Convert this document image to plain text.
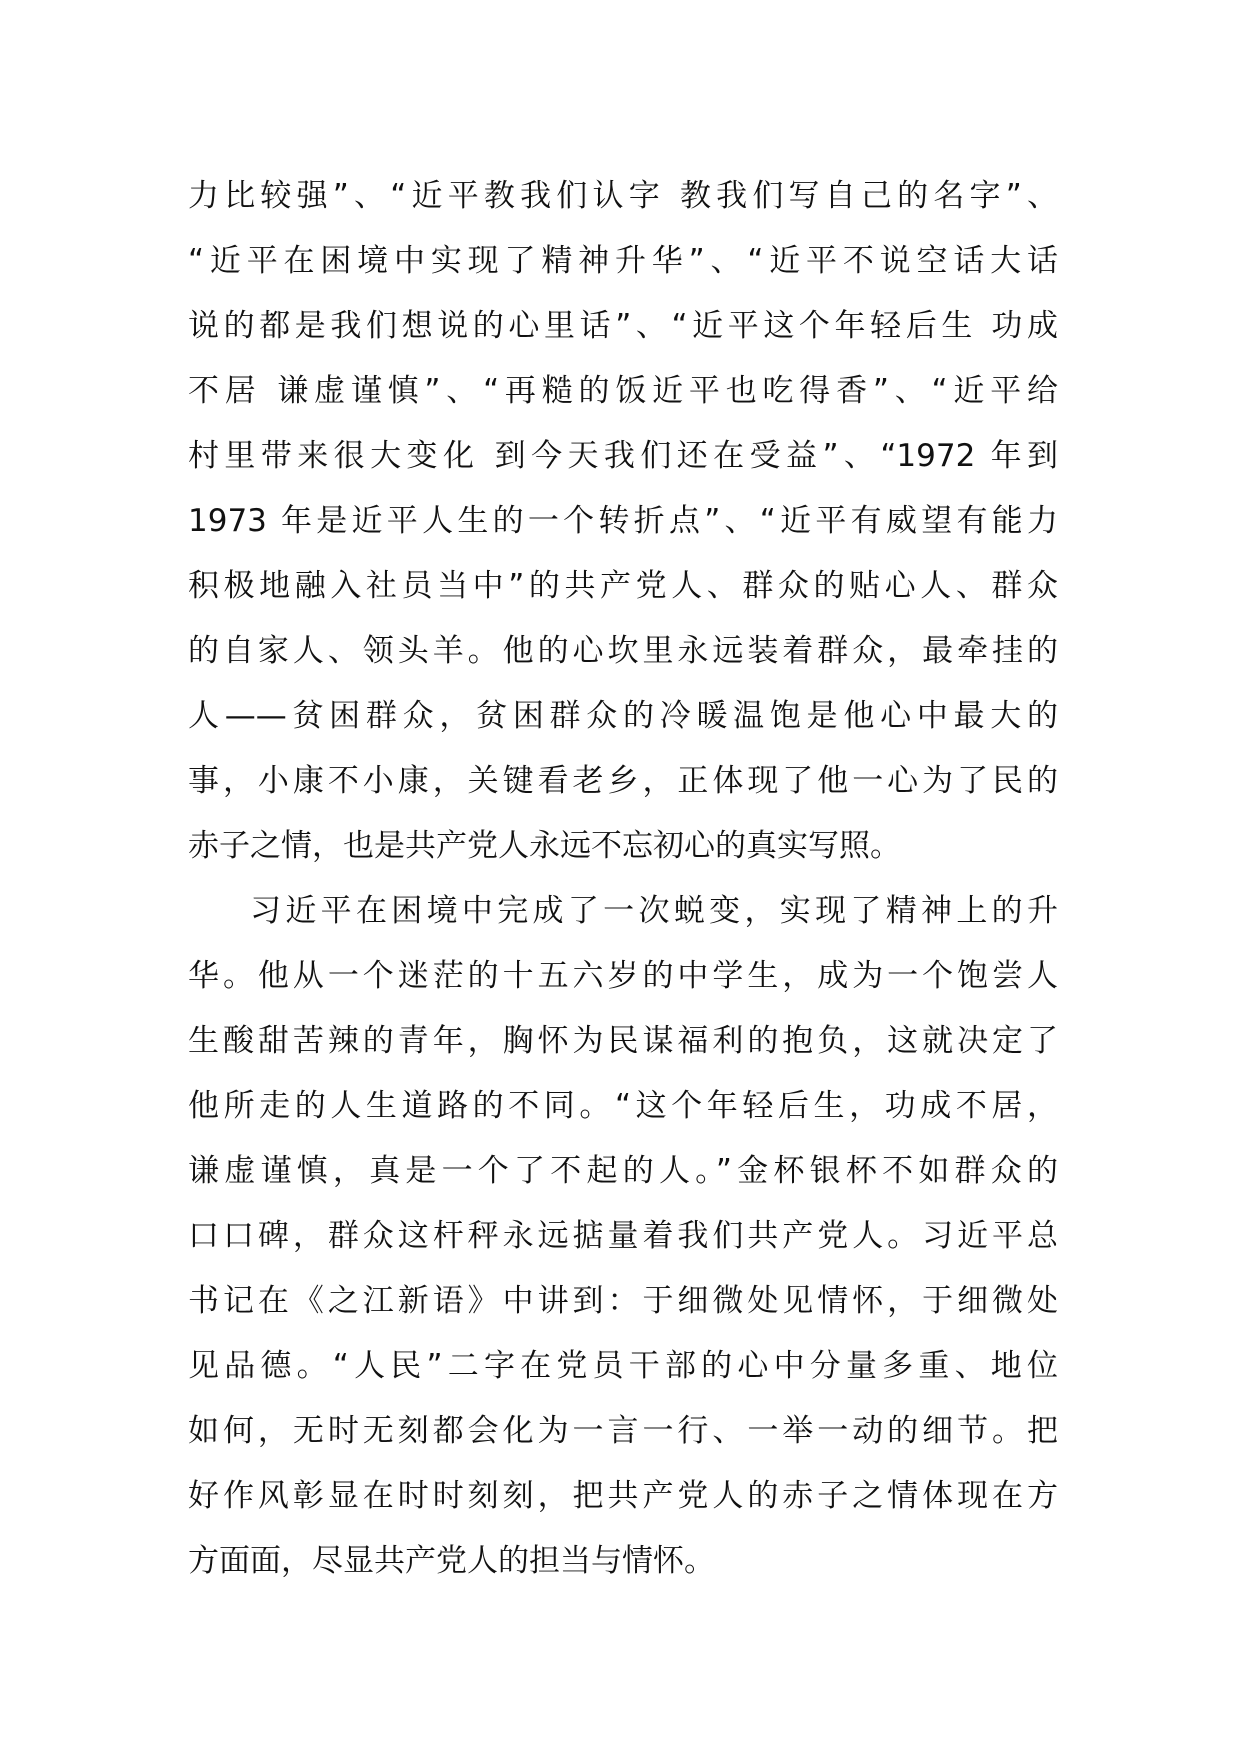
力比较强”、“近平教我们认字 教我们写自己的名字”、
“近平在困境中实现了精神升华”、“近平不说空话大话
说的都是我们想说的心里话”、“近平这个年轻后生 功成
不居 谦虚谨慎”、“再糙的饭近平也吃得香”、“近平给
村里带来很大变化 到今天我们还在受益”、“1972 年到
1973 年是近平人生的一个转折点”、“近平有威望有能力
积极地融入社员当中”的共产党人、群众的贴心人、群众
的自家人、领头羊。他的心坎里永远装着群众，最牵挂的
人——贫困群众，贫困群众的冷暖温饱是他心中最大的
事，小康不小康，关键看老乡，正体现了他一心为了民的
赤子之情，也是共产党人永远不忘初心的真实写照。
习近平在困境中完成了一次蜕变，实现了精神上的升
华。他从一个迷茫的十五六岁的中学生，成为一个饱尝人
生酸甜苦辣的青年，胸怀为民谋福利的抱负，这就决定了
他所走的人生道路的不同。“这个年轻后生，功成不居，
谦虚谨慎，真是一个了不起的人。”金杯银杯不如群众的
口口碑，群众这杆秤永远掂量着我们共产党人。习近平总
书记在《之江新语》中讲到：于细微处见情怀，于细微处
见品德。“人民”二字在党员干部的心中分量多重、地位
如何，无时无刻都会化为一言一行、一举一动的细节。把
好作风彰显在时时刻刻，把共产党人的赤子之情体现在方
方面面，尽显共产党人的担当与情怀。
